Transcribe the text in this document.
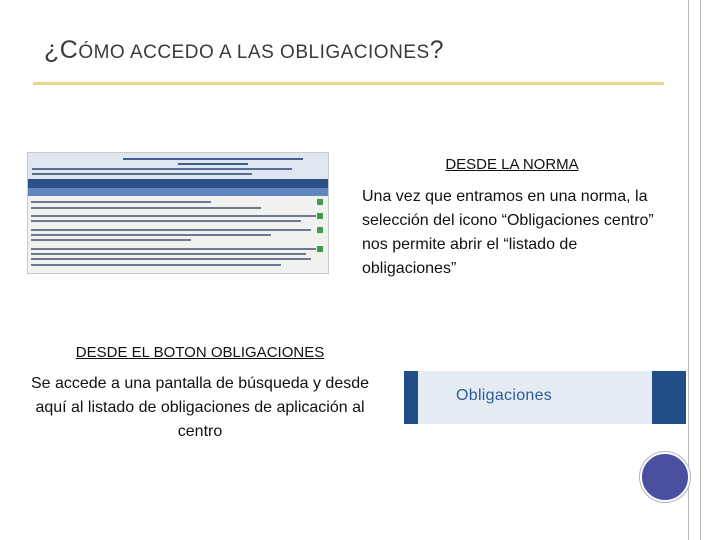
¿CÓMO ACCEDO A LAS OBLIGACIONES?
DESDE LA NORMA
Una vez que entramos en una norma, la selección del icono “Obligaciones centro” nos permite abrir el “listado de obligaciones”
DESDE EL BOTON OBLIGACIONES
Se accede a una pantalla de búsqueda y desde aquí al listado de obligaciones de aplicación al centro
Obligaciones
